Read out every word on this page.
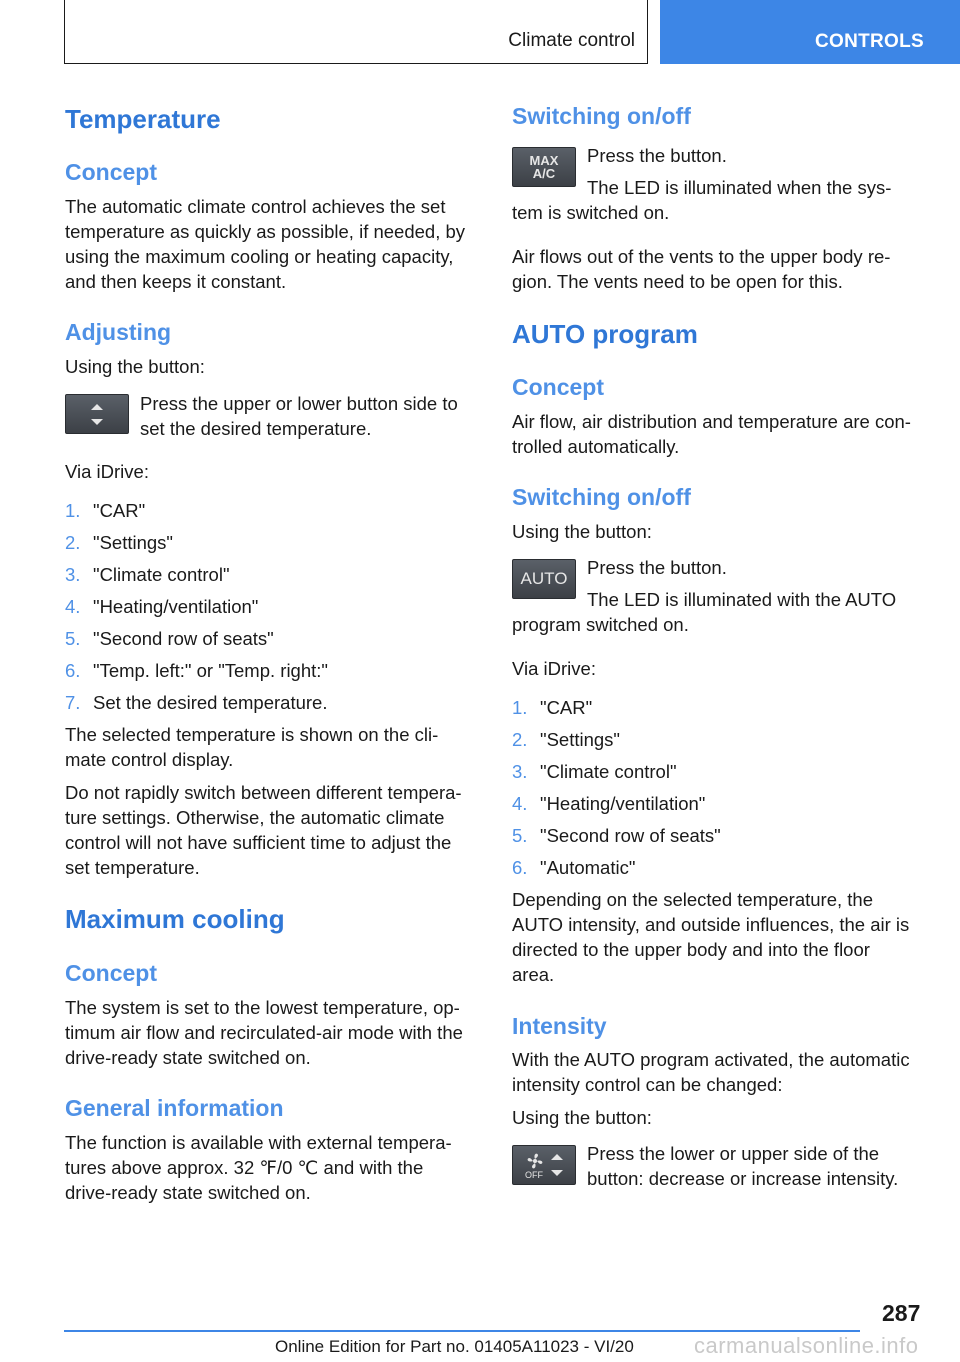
Climate control	CONTROLS
Temperature
Concept
The automatic climate control achieves the set
temperature as quickly as possible, if needed, by
using the maximum cooling or heating capacity,
and then keeps it constant.
Adjusting
Using the button:
Press the upper or lower button side to
set the desired temperature.
Via iDrive:
1. "CAR"
2. "Settings"
3. "Climate control"
4. "Heating/ventilation"
5. "Second row of seats"
6. "Temp. left:" or "Temp. right:"
7. Set the desired temperature.
The selected temperature is shown on the cli-
mate control display.
Do not rapidly switch between different tempera-
ture settings. Otherwise, the automatic climate
control will not have sufficient time to adjust the
set temperature.
Maximum cooling
Concept
The system is set to the lowest temperature, op-
timum air flow and recirculated-air mode with the
drive-ready state switched on.
General information
The function is available with external tempera-
tures above approx. 32 ℉/0 ℃ and with the
drive-ready state switched on.
Switching on/off
MAX
A/C
Press the button.
The LED is illuminated when the sys-
tem is switched on.
Air flows out of the vents to the upper body re-
gion. The vents need to be open for this.
AUTO program
Concept
Air flow, air distribution and temperature are con-
trolled automatically.
Switching on/off
Using the button:
AUTO
Press the button.
The LED is illuminated with the AUTO
program switched on.
Via iDrive:
1. "CAR"
2. "Settings"
3. "Climate control"
4. "Heating/ventilation"
5. "Second row of seats"
6. "Automatic"
Depending on the selected temperature, the
AUTO intensity, and outside influences, the air is
directed to the upper body and into the floor
area.
Intensity
With the AUTO program activated, the automatic
intensity control can be changed:
Using the button:
OFF
Press the lower or upper side of the
button: decrease or increase intensity.
287
Online Edition for Part no. 01405A11023 - VI/20	carmanualsonline.info
